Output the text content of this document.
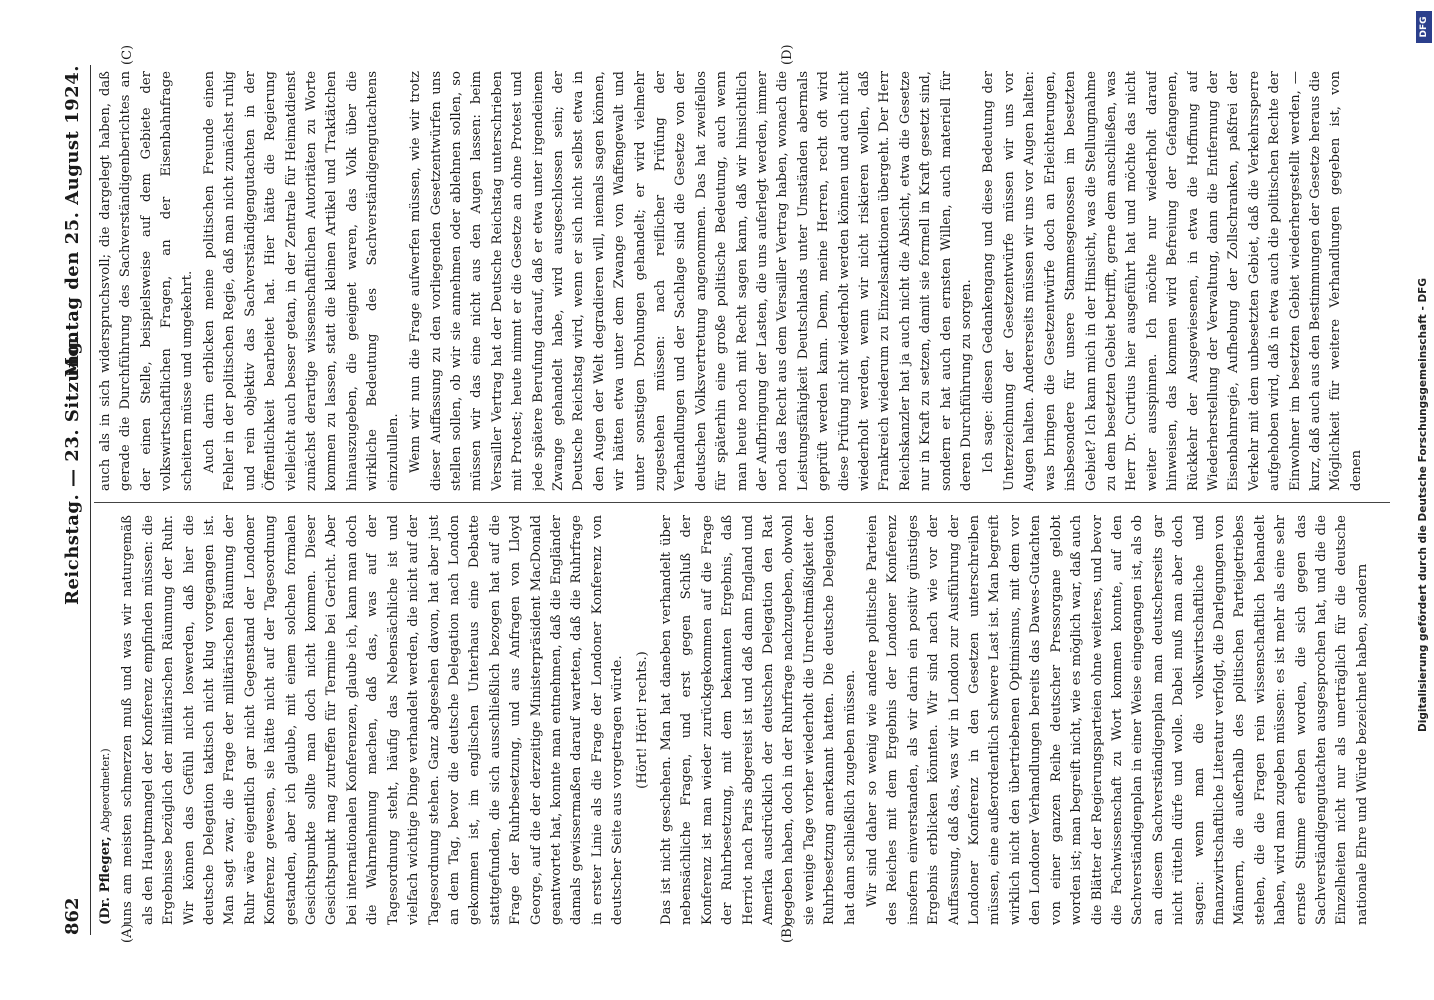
862
Reichstag. — 23. Sitzung.
Montag den 25. August 1924.
(A)	(B)
(C)	(D)

(Dr. Pfleger, Abgeordneter.) uns am meisten schmerzen muß und was wir naturgemäß als den Hauptmangel der Konferenz empfinden müssen: die Ergebnisse bezüglich der militärischen Räumung der Ruhr. Wir können das Gefühl nicht loswerden, daß hier die deutsche Delegation taktisch nicht klug vorgegangen ist. Man sagt zwar, die Frage der militärischen Räumung der Ruhr wäre eigentlich gar nicht Gegenstand der Londoner Konferenz gewesen, sie hätte nicht auf der Tagesordnung gestanden, aber ich glaube, mit einem solchen formalen Gesichtspunkte sollte man doch nicht kommen. Dieser Gesichtspunkt mag zutreffen für Termine bei Gericht. Aber bei internationalen Konferenzen, glaube ich, kann man doch die Wahrnehmung machen, daß das, was auf der Tagesordnung steht, häufig das Nebensächliche ist und vielfach wichtige Dinge verhandelt werden, die nicht auf der Tagesordnung stehen. Ganz abgesehen davon, hat aber just an dem Tag, bevor die deutsche Delegation nach London gekommen ist, im englischen Unterhaus eine Debatte stattgefunden, die sich ausschließlich bezogen hat auf die Frage der Ruhrbesetzung, und aus Anfragen von Lloyd George, auf die der derzeitige Ministerpräsident MacDonald geantwortet hat, konnte man entnehmen, daß die Engländer damals gewissermaßen darauf warteten, daß die Ruhrfrage in erster Linie als die Frage der Londoner Konferenz von deutscher Seite aus vorgetragen würde. (Hört! Hört! rechts.) Das ist nicht geschehen. Man hat daneben verhandelt über nebensächliche Fragen, und erst gegen Schluß der Konferenz ist man wieder zurückgekommen auf die Frage der Ruhrbesetzung, mit dem bekannten Ergebnis, daß Herriot nach Paris abgereist ist und daß dann England und Amerika ausdrücklich der deutschen Delegation den Rat gegeben haben, doch in der Ruhrfrage nachzugeben, obwohl sie wenige Tage vorher wiederholt die Unrechtmäßigkeit der Ruhrbesetzung anerkannt hatten. Die deutsche Delegation hat dann schließlich zugeben müssen. Wir sind daher so wenig wie andere politische Parteien des Reiches mit dem Ergebnis der Londoner Konferenz insofern einverstanden, als wir darin ein positiv günstiges Ergebnis erblicken könnten. Wir sind nach wie vor der Auffassung, daß das, was wir in London zur Ausführung der Londoner Konferenz in den Gesetzen unterschreiben müssen, eine außerordentlich schwere Last ist. Man begreift wirklich nicht den übertriebenen Optimismus, mit dem vor den Londoner Verhandlungen bereits das Dawes-Gutachten von einer ganzen Reihe deutscher Pressorgane gelobt worden ist; man begreift nicht, wie es möglich war, daß auch die Blätter der Regierungsparteien ohne weiteres, und bevor die Fachwissenschaft zu Wort kommen konnte, auf den Sachverständigenplan in einer Weise eingegangen ist, als ob an diesem Sachverständigenplan man deutscherseits gar nicht rütteln dürfe und wolle. Dabei muß man aber doch sagen: wenn man die volkswirtschaftliche und finanzwirtschaftliche Literatur verfolgt, die Darlegungen von Männern, die außerhalb des politischen Parteigetriebes stehen, die die Fragen rein wissenschaftlich behandelt haben, wird man zugeben müssen: es ist mehr als eine sehr ernste Stimme erhoben worden, die sich gegen das Sachverständigengutachten ausgesprochen hat, und die die Einzelheiten nicht nur als unerträglich für die deutsche nationale Ehre und Würde bezeichnet haben, sondern

auch als in sich widerspruchsvoll; die dargelegt haben, daß gerade die Durchführung des Sachverständigenberichtes an der einen Stelle, beispielsweise auf dem Gebiete der volkswirtschaftlichen Fragen, an der Eisenbahnfrage scheitern müsse und umgekehrt. Auch darin erblicken meine politischen Freunde einen Fehler in der politischen Regie, daß man nicht zunächst ruhig und rein objektiv das Sachverständigengutachten in der Öffentlichkeit bearbeitet hat. Hier hätte die Regierung vielleicht auch besser getan, in der Zentrale für Heimatdienst zunächst derartige wissenschaftlichen Autoritäten zu Worte kommen zu lassen, statt die kleinen Artikel und Traktätchen hinauszugeben, die geeignet waren, das Volk über die wirkliche Bedeutung des Sachverständigengutachtens einzulullen. Wenn wir nun die Frage aufwerfen müssen, wie wir trotz dieser Auffassung zu den vorliegenden Gesetzentwürfen uns stellen sollen, ob wir sie annehmen oder ablehnen sollen, so müssen wir das eine nicht aus den Augen lassen: beim Versailler Vertrag hat der Deutsche Reichstag unterschrieben mit Protest; heute nimmt er die Gesetze an ohne Protest und jede spätere Berufung darauf, daß er etwa unter irgendeinem Zwange gehandelt habe, wird ausgeschlossen sein; der Deutsche Reichstag wird, wenn er sich nicht selbst etwa in den Augen der Welt degradieren will, niemals sagen können, wir hätten etwa unter dem Zwange von Waffengewalt und unter sonstigen Drohungen gehandelt; er wird vielmehr zugestehen müssen: nach reiflicher Prüfung der Verhandlungen und der Sachlage sind die Gesetze von der deutschen Volksvertretung angenommen. Das hat zweifellos für späterhin eine große politische Bedeutung, auch wenn man heute noch mit Recht sagen kann, daß wir hinsichtlich der Aufbringung der Lasten, die uns auferlegt werden, immer noch das Recht aus dem Versailler Vertrag haben, wonach die Leistungsfähigkeit Deutschlands unter Umständen abermals geprüft werden kann. Denn, meine Herren, recht oft wird diese Prüfung nicht wiederholt werden können und auch nicht wiederholt werden, wenn wir nicht riskieren wollen, daß Frankreich wiederum zu Einzelsanktionen übergeht. Der Herr Reichskanzler hat ja auch nicht die Absicht, etwa die Gesetze nur in Kraft zu setzen, damit sie formell in Kraft gesetzt sind, sondern er hat auch den ernsten Willen, auch materiell für deren Durchführung zu sorgen. Ich sage: diesen Gedankengang und diese Bedeutung der Unterzeichnung der Gesetzentwürfe müssen wir uns vor Augen halten. Andererseits müssen wir uns vor Augen halten: was bringen die Gesetzentwürfe doch an Erleichterungen, insbesondere für unsere Stammesgenossen im besetzten Gebiet? Ich kann mich in der Hinsicht, was die Stellungnahme zu dem besetzten Gebiet betrifft, gerne dem anschließen, was Herr Dr. Curtius hier ausgeführt hat und möchte das nicht weiter ausspinnen. Ich möchte nur wiederholt darauf hinweisen, das kommen wird Befreiung der Gefangenen, Rückkehr der Ausgewiesenen, in etwa die Hoffnung auf Wiederherstellung der Verwaltung, dann die Entfernung der Eisenbahnregie, Aufhebung der Zollschranken, paßfrei der Verkehr mit dem unbesetzten Gebiet, daß die Verkehrssperre aufgehoben wird, daß in etwa auch die politischen Rechte der Einwohner im besetzten Gebiet wiederhergestellt werden, — kurz, daß auch aus den Bestimmungen der Gesetze heraus die Möglichkeit für weitere Verhandlungen gegeben ist, von denen

DFG
Digitalisierung gefördert durch die Deutsche Forschungsgemeinschaft - DFG
